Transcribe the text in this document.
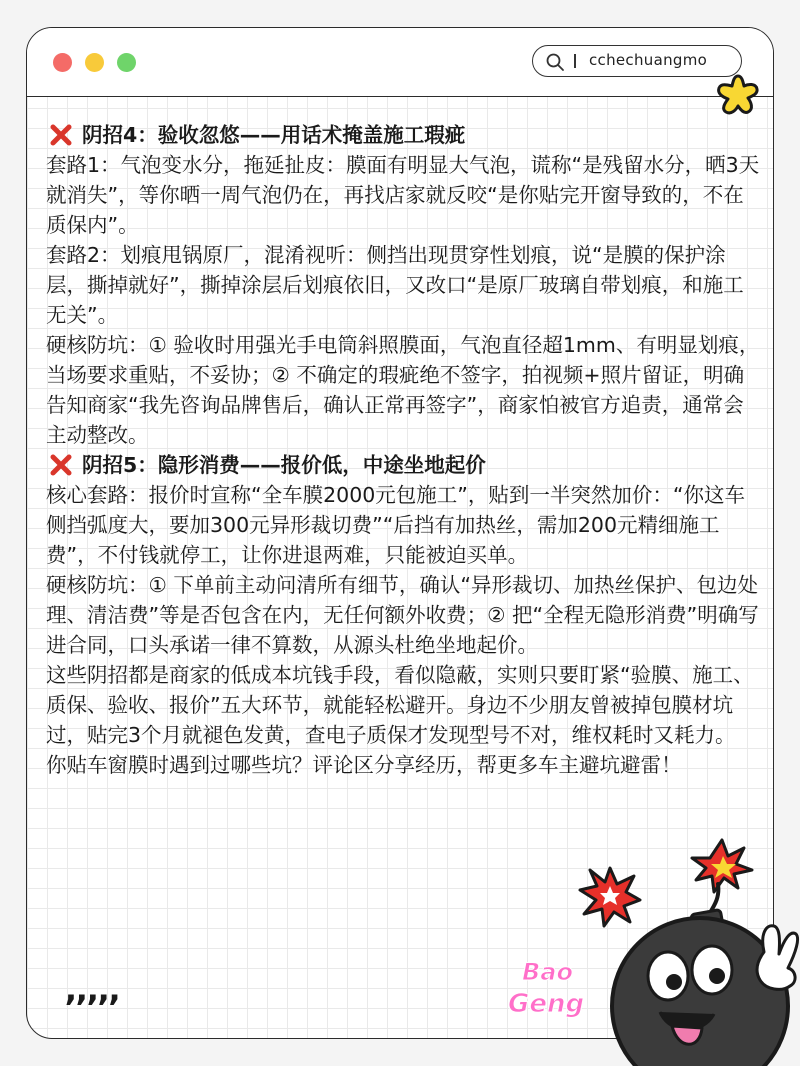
cchechuangmo
阴招4：验收忽悠——用话术掩盖施工瑕疵

套路1：气泡变水分，拖延扯皮：膜面有明显大气泡，谎称“是残留水分，晒3天就消失”，等你晒一周气泡仍在，再找店家就反咬“是你贴完开窗导致的，不在质保内”。

套路2：划痕甩锅原厂，混淆视听：侧挡出现贯穿性划痕，说“是膜的保护涂层，撕掉就好”，撕掉涂层后划痕依旧，又改口“是原厂玻璃自带划痕，和施工无关”。

硬核防坑：① 验收时用强光手电筒斜照膜面，气泡直径超1mm、有明显划痕，当场要求重贴，不妥协；② 不确定的瑕疵绝不签字，拍视频+照片留证，明确告知商家“我先咨询品牌售后，确认正常再签字”，商家怕被官方追责，通常会主动整改。

阴招5：隐形消费——报价低，中途坐地起价

核心套路：报价时宣称“全车膜2000元包施工”，贴到一半突然加价：“你这车侧挡弧度大，要加300元异形裁切费”“后挡有加热丝，需加200元精细施工费”，不付钱就停工，让你进退两难，只能被迫买单。

硬核防坑：① 下单前主动问清所有细节，确认“异形裁切、加热丝保护、包边处理、清洁费”等是否包含在内，无任何额外收费；② 把“全程无隐形消费”明确写进合同，口头承诺一律不算数，从源头杜绝坐地起价。

这些阴招都是商家的低成本坑钱手段，看似隐蔽，实则只要盯紧“验膜、施工、质保、验收、报价”五大环节，就能轻松避开。身边不少朋友曾被掉包膜材坑过，贴完3个月就褪色发黄，查电子质保才发现型号不对，维权耗时又耗力。

你贴车窗膜时遇到过哪些坑？评论区分享经历，帮更多车主避坑避雷！

‚‚‚‚‚	Bao
Geng
